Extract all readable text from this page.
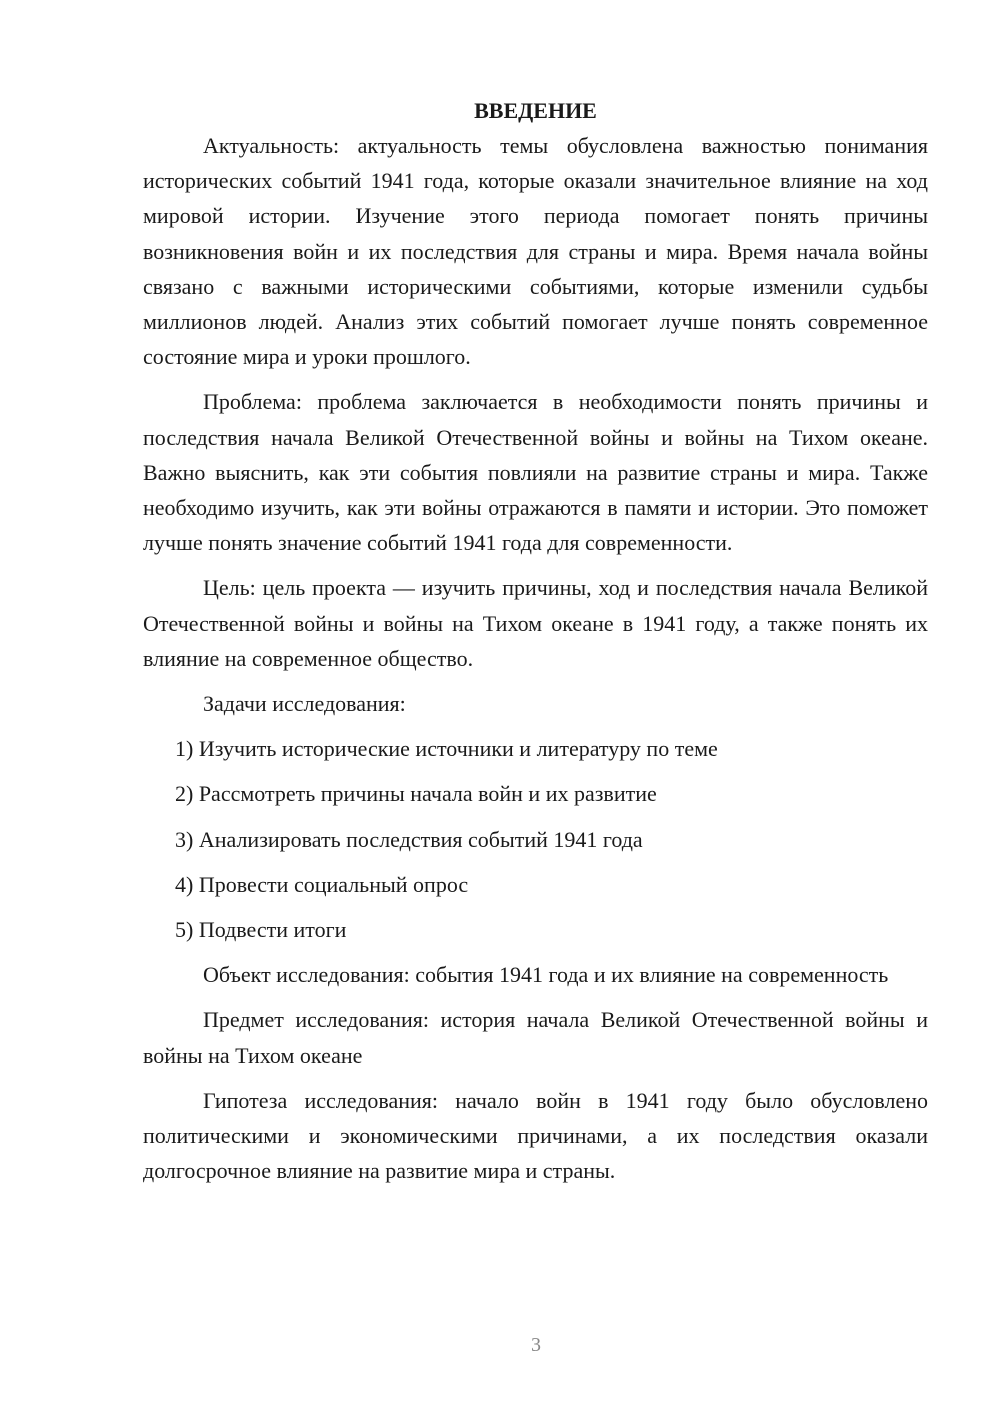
ВВЕДЕНИЕ

Актуальность: актуальность темы обусловлена важностью понимания исторических событий 1941 года, которые оказали значительное влияние на ход мировой истории. Изучение этого периода помогает понять причины возникновения войн и их последствия для страны и мира. Время начала войны связано с важными историческими событиями, которые изменили судьбы миллионов людей. Анализ этих событий помогает лучше понять современное состояние мира и уроки прошлого.

Проблема: проблема заключается в необходимости понять причины и последствия начала Великой Отечественной войны и войны на Тихом океане. Важно выяснить, как эти события повлияли на развитие страны и мира. Также необходимо изучить, как эти войны отражаются в памяти и истории. Это поможет лучше понять значение событий 1941 года для современности.

Цель: цель проекта — изучить причины, ход и последствия начала Великой Отечественной войны и войны на Тихом океане в 1941 году, а также понять их влияние на современное общество.

Задачи исследования:

1) Изучить исторические источники и литературу по теме
2) Рассмотреть причины начала войн и их развитие
3) Анализировать последствия событий 1941 года
4) Провести социальный опрос
5) Подвести итоги

Объект исследования: события 1941 года и их влияние на современность

Предмет исследования: история начала Великой Отечественной войны и войны на Тихом океане

Гипотеза исследования: начало войн в 1941 году было обусловлено политическими и экономическими причинами, а их последствия оказали долгосрочное влияние на развитие мира и страны.

3
